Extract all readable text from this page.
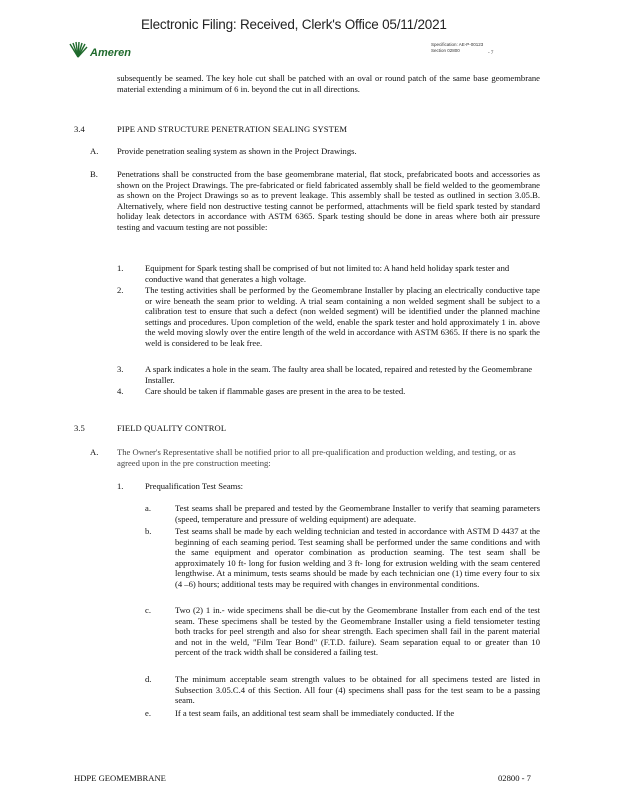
Electronic Filing: Received, Clerk's Office 05/11/2021
Ameren
Specification: AE-P-00123
Section 02800
- 7

subsequently be seamed. The key hole cut shall be patched with an oval or round patch of the same base geomembrane material extending a minimum of 6 in. beyond the cut in all directions.

3.4	PIPE AND STRUCTURE PENETRATION SEALING SYSTEM
A. Provide penetration sealing system as shown in the Project Drawings.

B. Penetrations shall be constructed from the base geomembrane material, flat stock, prefabricated boots and accessories as shown on the Project Drawings. The pre-fabricated or field fabricated assembly shall be field welded to the geomembrane as shown on the Project Drawings so as to prevent leakage. This assembly shall be tested as outlined in section 3.05.B. Alternatively, where field non destructive testing cannot be performed, attachments will be field spark tested by standard holiday leak detectors in accordance with ASTM 6365. Spark testing should be done in areas where both air pressure testing and vacuum testing are not possible:

1.	Equipment for Spark testing shall be comprised of but not limited to: A hand held holiday spark tester and conductive wand that generates a high voltage.

2.	The testing activities shall be performed by the Geomembrane Installer by placing an electrically conductive tape or wire beneath the seam prior to welding. A trial seam containing a non welded segment shall be subject to a calibration test to ensure that such a defect (non welded segment) will be identified under the planned machine settings and procedures. Upon completion of the weld, enable the spark tester and hold approximately 1 in. above the weld moving slowly over the entire length of the weld in accordance with ASTM 6365. If there is no spark the weld is considered to be leak free.

3.	A spark indicates a hole in the seam. The faulty area shall be located, repaired and retested by the Geomembrane Installer.

4.	Care should be taken if flammable gases are present in the area to be tested.

3.5	FIELD QUALITY CONTROL
A. The Owner's Representative shall be notified prior to all pre-qualification and production welding, and testing, or as agreed upon in the pre construction meeting:

1.	Prequalification Test Seams:
a.	Test seams shall be prepared and tested by the Geomembrane Installer to verify that seaming parameters (speed, temperature and pressure of welding equipment) are adequate.

b.	Test seams shall be made by each welding technician and tested in accordance with ASTM D 4437 at the beginning of each seaming period. Test seaming shall be performed under the same conditions and with the same equipment and operator combination as production seaming. The test seam shall be approximately 10 ft- long for fusion welding and 3 ft- long for extrusion welding with the seam centered lengthwise. At a minimum, tests seams should be made by each technician one (1) time every four to six (4 –6) hours; additional tests may be required with changes in environmental conditions.

c.	Two (2) 1 in.- wide specimens shall be die-cut by the Geomembrane Installer from each end of the test seam. These specimens shall be tested by the Geomembrane Installer using a field tensiometer testing both tracks for peel strength and also for shear strength. Each specimen shall fail in the parent material and not in the weld, "Film Tear Bond" (F.T.D. failure). Seam separation equal to or greater than 10 percent of the track width shall be considered a failing test.

d.	The minimum acceptable seam strength values to be obtained for all specimens tested are listed in Subsection 3.05.C.4 of this Section. All four (4) specimens shall pass for the test seam to be a passing seam.

e.	If a test seam fails, an additional test seam shall be immediately conducted. If the

HDPE GEOMEMBRANE	02800 - 7
